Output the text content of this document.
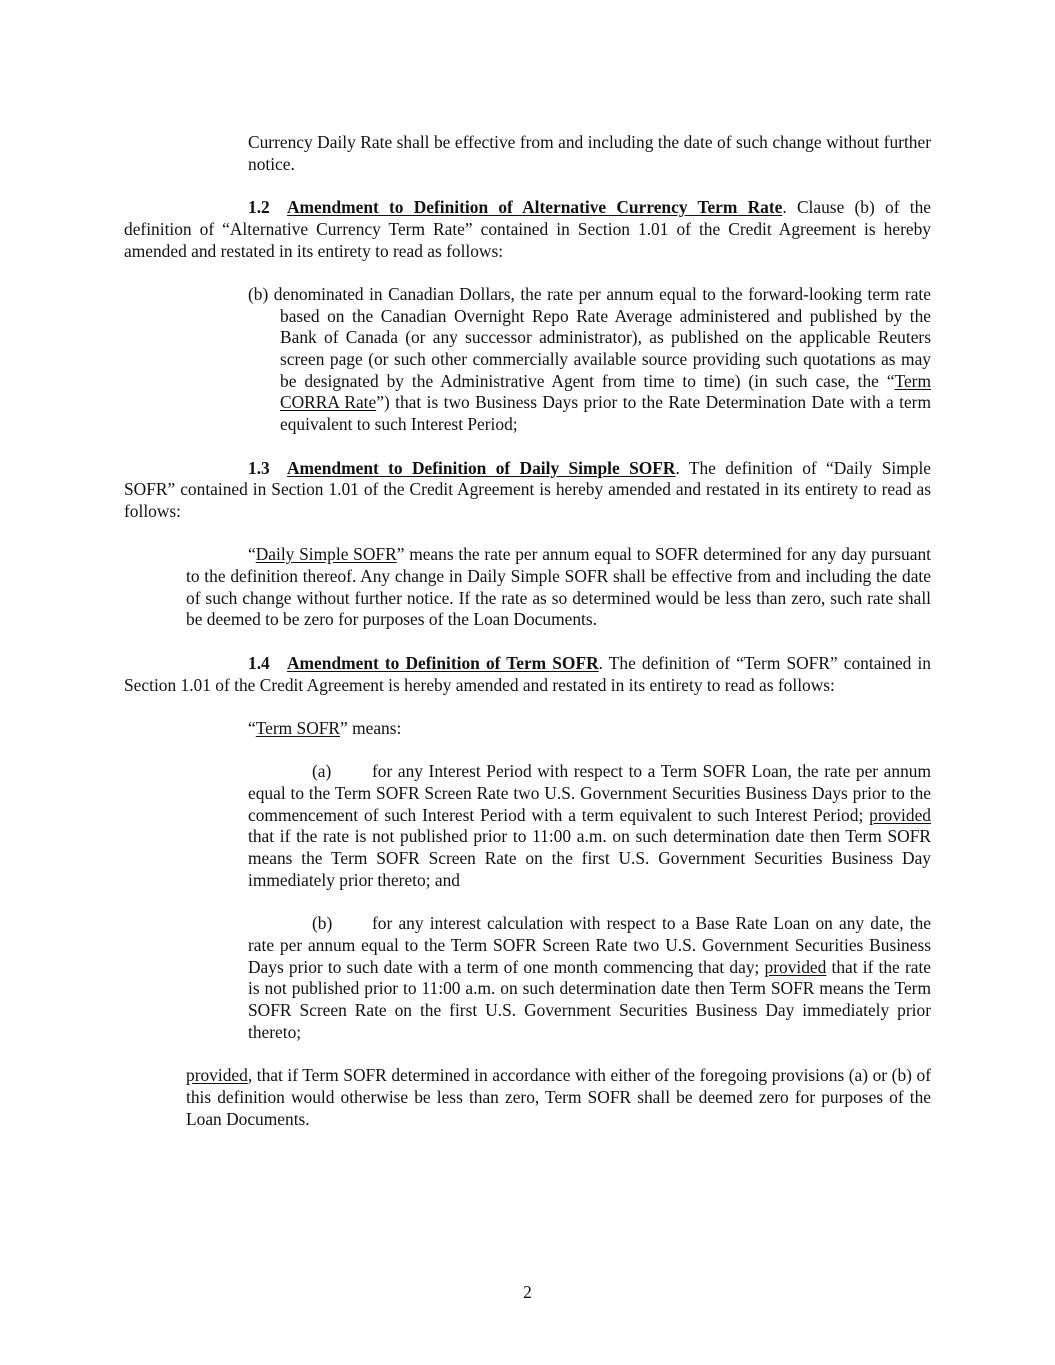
Currency Daily Rate shall be effective from and including the date of such change without further notice.

1.2 Amendment to Definition of Alternative Currency Term Rate. Clause (b) of the definition of “Alternative Currency Term Rate” contained in Section 1.01 of the Credit Agreement is hereby amended and restated in its entirety to read as follows:

(b) denominated in Canadian Dollars, the rate per annum equal to the forward-looking term rate based on the Canadian Overnight Repo Rate Average administered and published by the Bank of Canada (or any successor administrator), as published on the applicable Reuters screen page (or such other commercially available source providing such quotations as may be designated by the Administrative Agent from time to time) (in such case, the “Term CORRA Rate”) that is two Business Days prior to the Rate Determination Date with a term equivalent to such Interest Period;

1.3 Amendment to Definition of Daily Simple SOFR. The definition of “Daily Simple SOFR” contained in Section 1.01 of the Credit Agreement is hereby amended and restated in its entirety to read as follows:

“Daily Simple SOFR” means the rate per annum equal to SOFR determined for any day pursuant to the definition thereof. Any change in Daily Simple SOFR shall be effective from and including the date of such change without further notice. If the rate as so determined would be less than zero, such rate shall be deemed to be zero for purposes of the Loan Documents.

1.4 Amendment to Definition of Term SOFR. The definition of “Term SOFR” contained in Section 1.01 of the Credit Agreement is hereby amended and restated in its entirety to read as follows:

“Term SOFR” means:

(a) for any Interest Period with respect to a Term SOFR Loan, the rate per annum equal to the Term SOFR Screen Rate two U.S. Government Securities Business Days prior to the commencement of such Interest Period with a term equivalent to such Interest Period; provided that if the rate is not published prior to 11:00 a.m. on such determination date then Term SOFR means the Term SOFR Screen Rate on the first U.S. Government Securities Business Day immediately prior thereto; and

(b) for any interest calculation with respect to a Base Rate Loan on any date, the rate per annum equal to the Term SOFR Screen Rate two U.S. Government Securities Business Days prior to such date with a term of one month commencing that day; provided that if the rate is not published prior to 11:00 a.m. on such determination date then Term SOFR means the Term SOFR Screen Rate on the first U.S. Government Securities Business Day immediately prior thereto;

provided, that if Term SOFR determined in accordance with either of the foregoing provisions (a) or (b) of this definition would otherwise be less than zero, Term SOFR shall be deemed zero for purposes of the Loan Documents.

2
